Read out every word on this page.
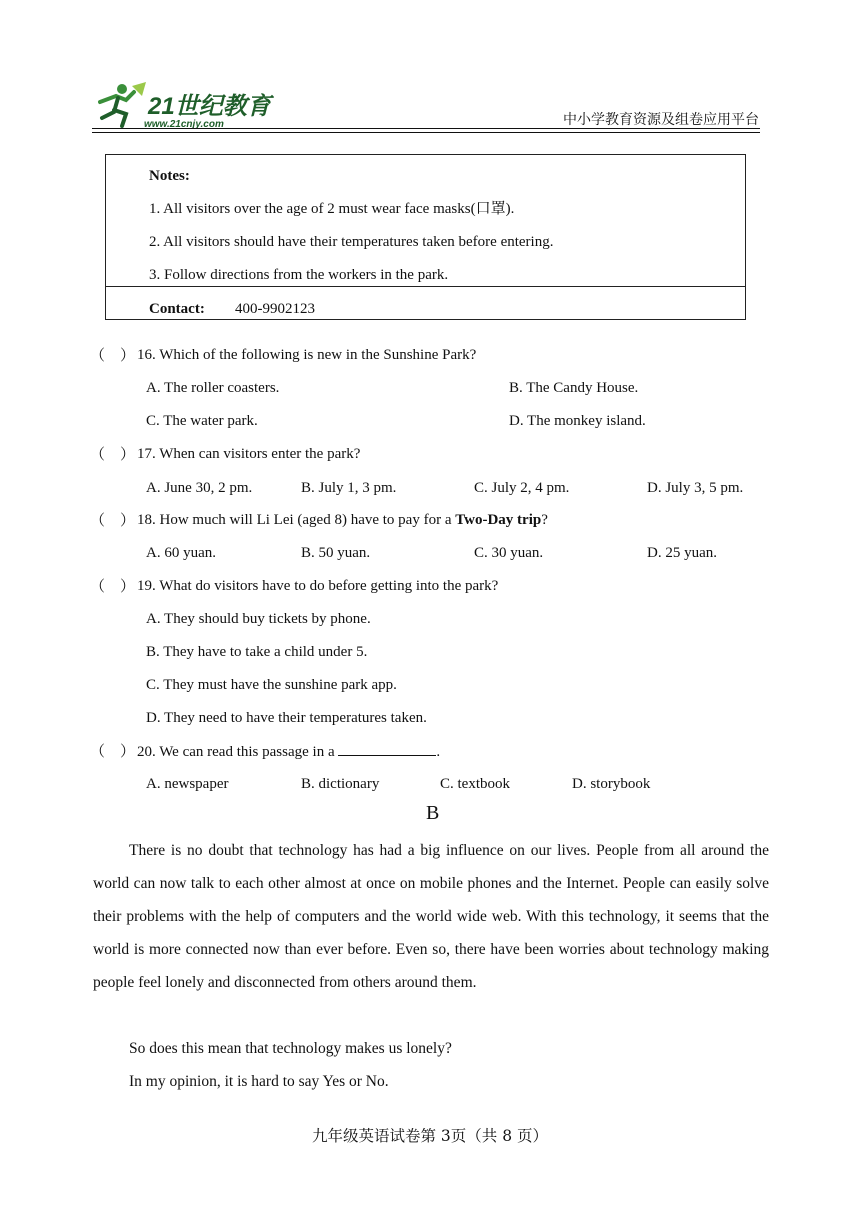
21世纪教育
www.21cnjy.com	中小学教育资源及组卷应用平台
Notes:
1. All visitors over the age of 2 must wear face masks(口罩).
2. All visitors should have their temperatures taken before entering.
3. Follow directions from the workers in the park.
Contact: 400-9902123
（　） 16. Which of the following is new in the Sunshine Park?
A. The roller coasters.	B. The Candy House.
C. The water park.	D. The monkey island.
（　） 17. When can visitors enter the park?
A. June 30, 2 pm.	B. July 1, 3 pm.	C. July 2, 4 pm.	D. July 3, 5 pm.
（　） 18. How much will Li Lei (aged 8) have to pay for a Two-Day trip?
A. 60 yuan.	B. 50 yuan.	C. 30 yuan.	D. 25 yuan.
（　） 19. What do visitors have to do before getting into the park?
A. They should buy tickets by phone.
B. They have to take a child under 5.
C. They must have the sunshine park app.
D. They need to have their temperatures taken.
（　） 20. We can read this passage in a	.
A. newspaper	B. dictionary	C. textbook	D. storybook
B
There is no doubt that technology has had a big influence on our lives. People from all around the world can now talk to each other almost at once on mobile phones and the Internet. People can easily solve their problems with the help of computers and the world wide web. With this technology, it seems that the world is more connected now than ever before. Even so, there have been worries about technology making people feel lonely and disconnected from others around them.
So does this mean that technology makes us lonely?
In my opinion, it is hard to say Yes or No.
九年级英语试卷第 3页（共 8 页）
